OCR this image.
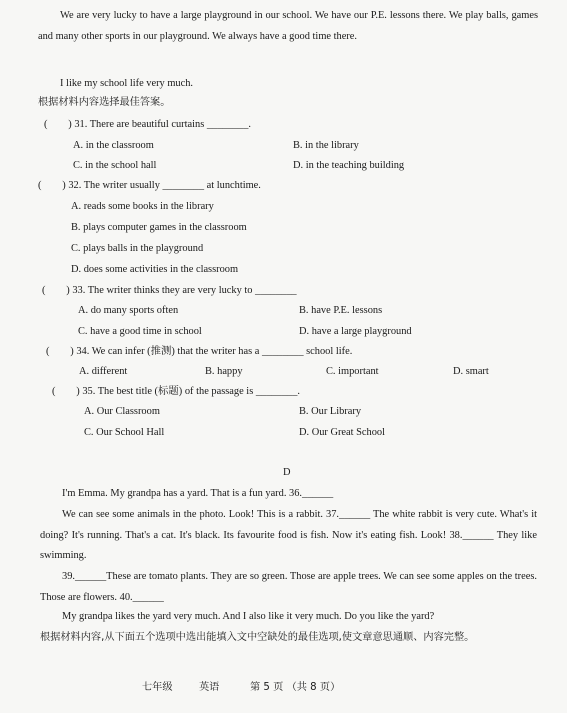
We are very lucky to have a large playground in our school. We have our P.E. lessons there. We play balls, games and many other sports in our playground. We always have a good time there.
I like my school life very much.
根据材料内容选择最佳答案。
(　　) 31. There are beautiful curtains ________.
A. in the classroom	B. in the library
C. in the school hall	D. in the teaching building
(　　) 32. The writer usually ________ at lunchtime.
A. reads some books in the library
B. plays computer games in the classroom
C. plays balls in the playground
D. does some activities in the classroom
(　　) 33. The writer thinks they are very lucky to ________
A. do many sports often	B. have P.E. lessons
C. have a good time in school	D. have a large playground
(　　) 34. We can infer (推测) that the writer has a ________ school life.
A. different	B. happy	C. important	D. smart
(　　) 35. The best title (标题) of the passage is ________.
A. Our Classroom	B. Our Library
C. Our School Hall	D. Our Great School
D
I'm Emma. My grandpa has a yard. That is a fun yard. 36.______
We can see some animals in the photo. Look! This is a rabbit. 37.______ The white rabbit is very cute. What's it doing? It's running. That's a cat. It's black. Its favourite food is fish. Now it's eating fish. Look! 38.______ They like swimming.
39.______These are tomato plants. They are so green. Those are apple trees. We can see some apples on the trees. Those are flowers. 40.______
My grandpa likes the yard very much. And I also like it very much. Do you like the yard?
根据材料内容,从下面五个选项中选出能填入文中空缺处的最佳选项,使文章意思通顺、内容完整。
七年级	英语	第 5 页 （共 8 页）
